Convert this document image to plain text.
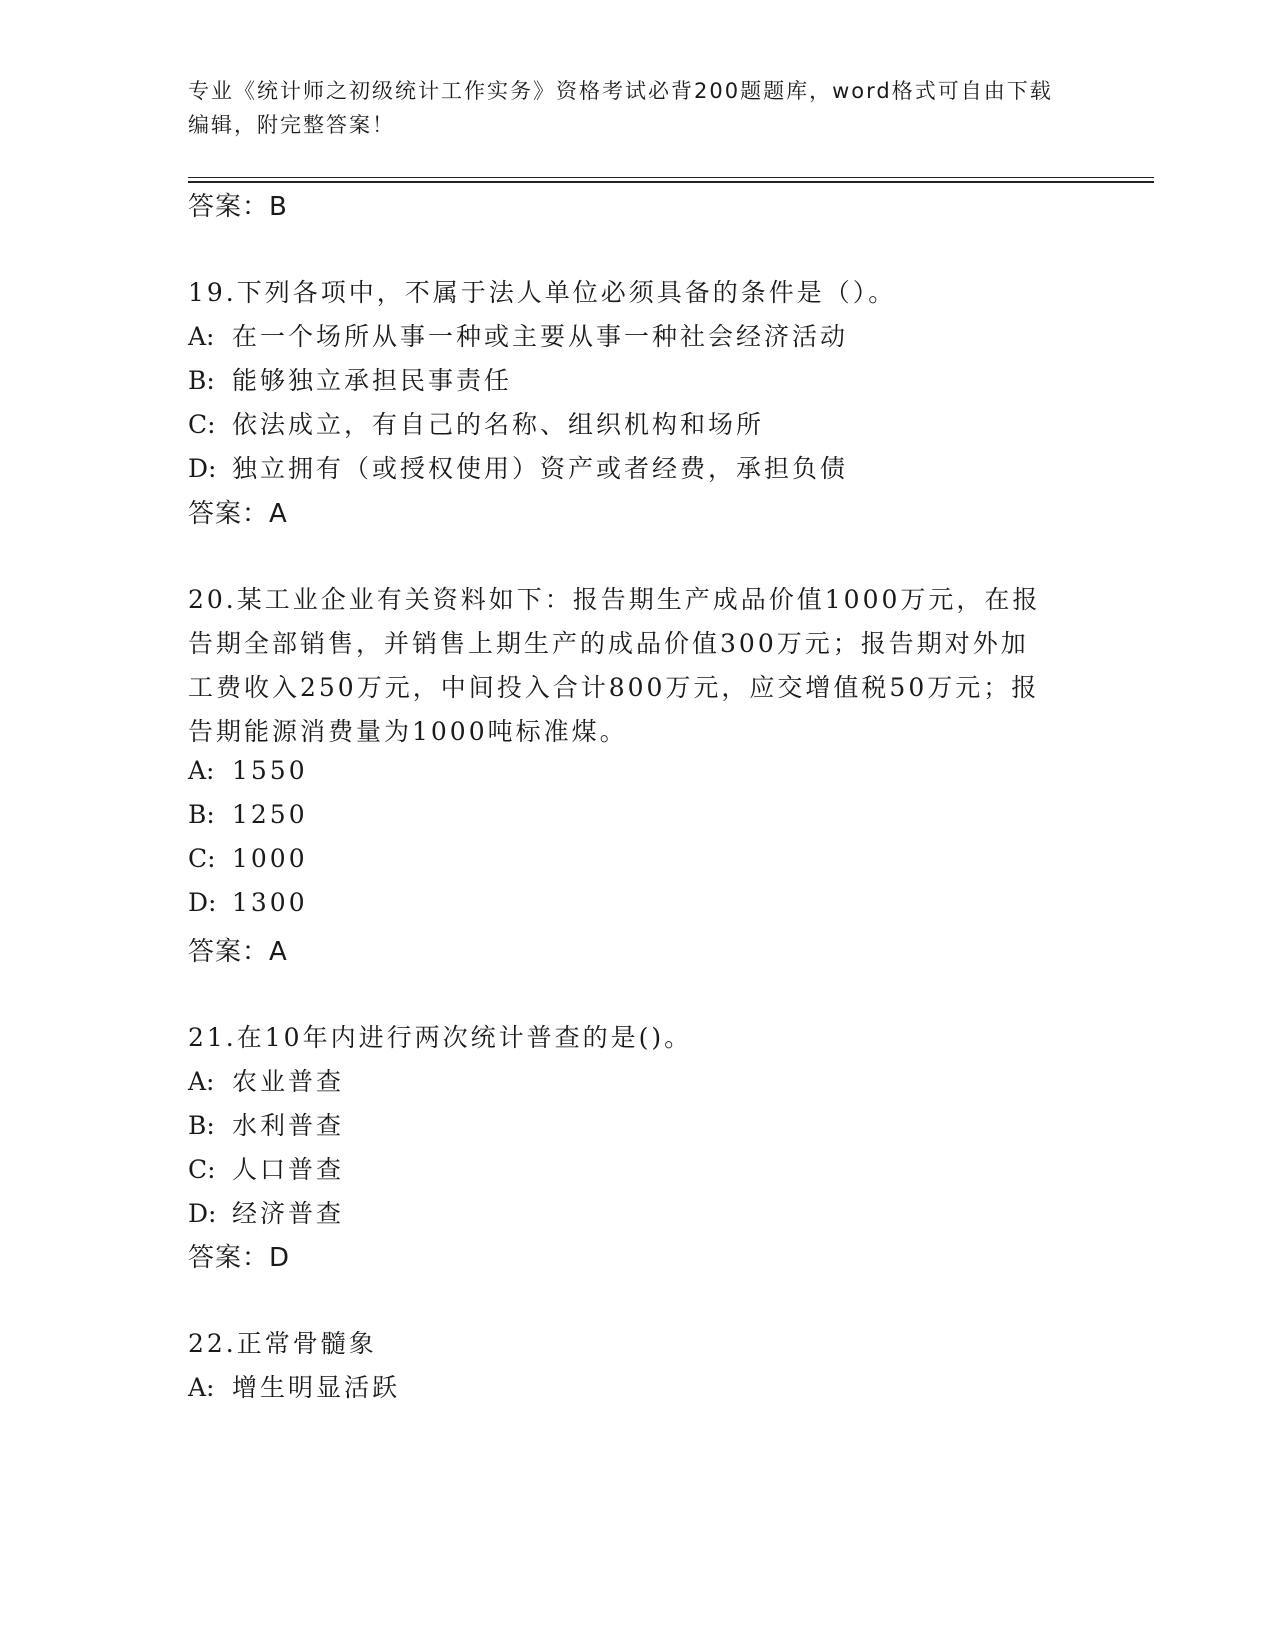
专业《统计师之初级统计工作实务》资格考试必背200题题库，word格式可自由下载编辑，附完整答案！
答案：B
19.下列各项中，不属于法人单位必须具备的条件是（）。
A: 在一个场所从事一种或主要从事一种社会经济活动
B: 能够独立承担民事责任
C: 依法成立，有自己的名称、组织机构和场所
D: 独立拥有（或授权使用）资产或者经费，承担负债
答案：A
20.某工业企业有关资料如下：报告期生产成品价值1000万元，在报
告期全部销售，并销售上期生产的成品价值300万元；报告期对外加
工费收入250万元，中间投入合计800万元，应交增值税50万元；报
告期能源消费量为1000吨标准煤。
A: 1550
B: 1250
C: 1000
D: 1300
答案：A
21.在10年内进行两次统计普查的是()。
A: 农业普查
B: 水利普查
C: 人口普查
D: 经济普查
答案：D
22.正常骨髓象
A: 增生明显活跃
